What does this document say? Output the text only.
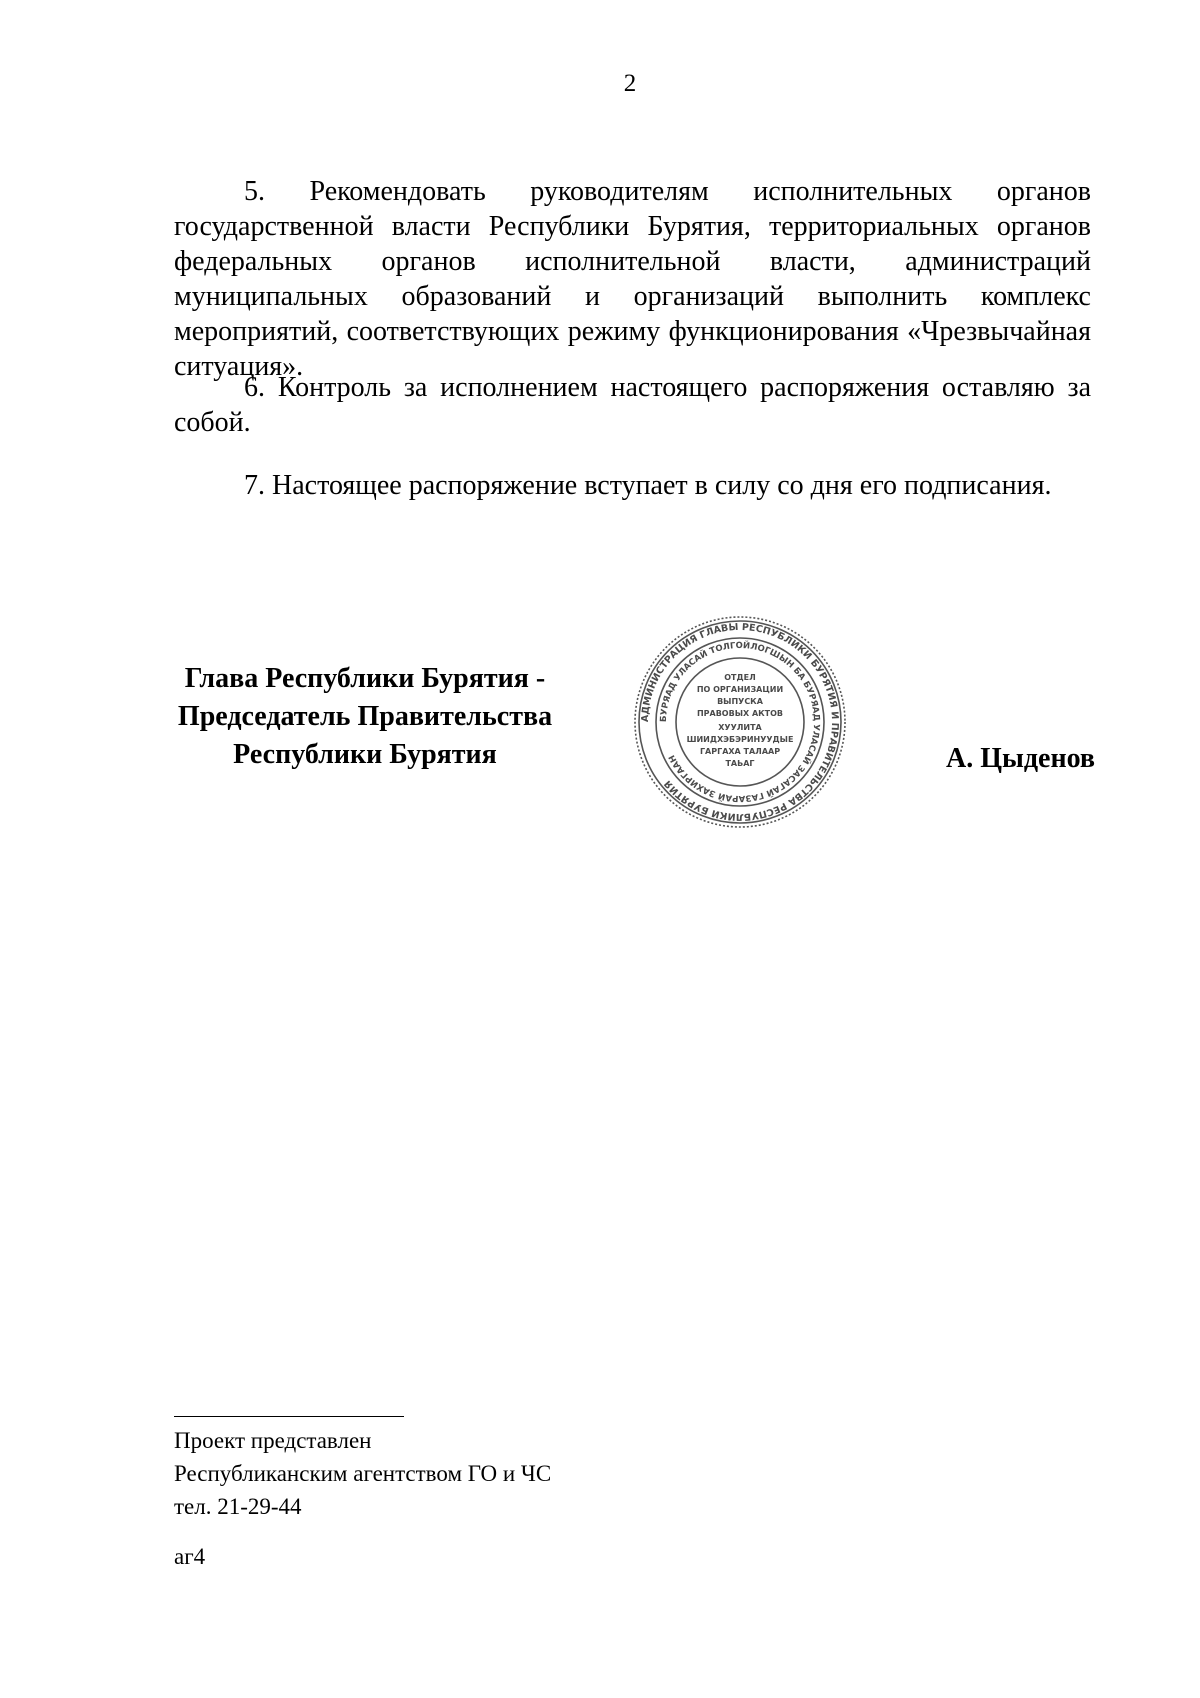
2

5. Рекомендовать руководителям исполнительных органов государственной власти Республики Бурятия, территориальных органов федеральных органов исполнительной власти, администраций муниципальных образований и организаций выполнить комплекс мероприятий, соответствующих режиму функционирования «Чрезвычайная ситуация».

6. Контроль за исполнением настоящего распоряжения оставляю за собой.

7. Настоящее распоряжение вступает в силу со дня его подписания.

Глава Республики Бурятия -
Председатель Правительства
Республики Бурятия
АДМИНИСТРАЦИЯ ГЛАВЫ РЕСПУБЛИКИ БУРЯТИЯ И ПРАВИТЕЛЬСТВА РЕСПУБЛИКИ БУРЯТИЯ
БУРЯАД УЛАСАЙ ТОЛГОЙЛОГШЫН БА БУРЯАД УЛАСАЙ ЗАСАГАЙ ГАЗАРАЙ ЗАХИРГААН
ОТДЕЛ
ПО ОРГАНИЗАЦИИ
ВЫПУСКА
ПРАВОВЫХ АКТОВ
ХУУЛИТА
ШИИДХЭБЭРИНУУДЫЕ
ГАРГАХА ТАЛААР
ТАЬАГ	А. Цыденов
Проект представлен
Республиканским агентством ГО и ЧС
тел. 21-29-44
аг4
